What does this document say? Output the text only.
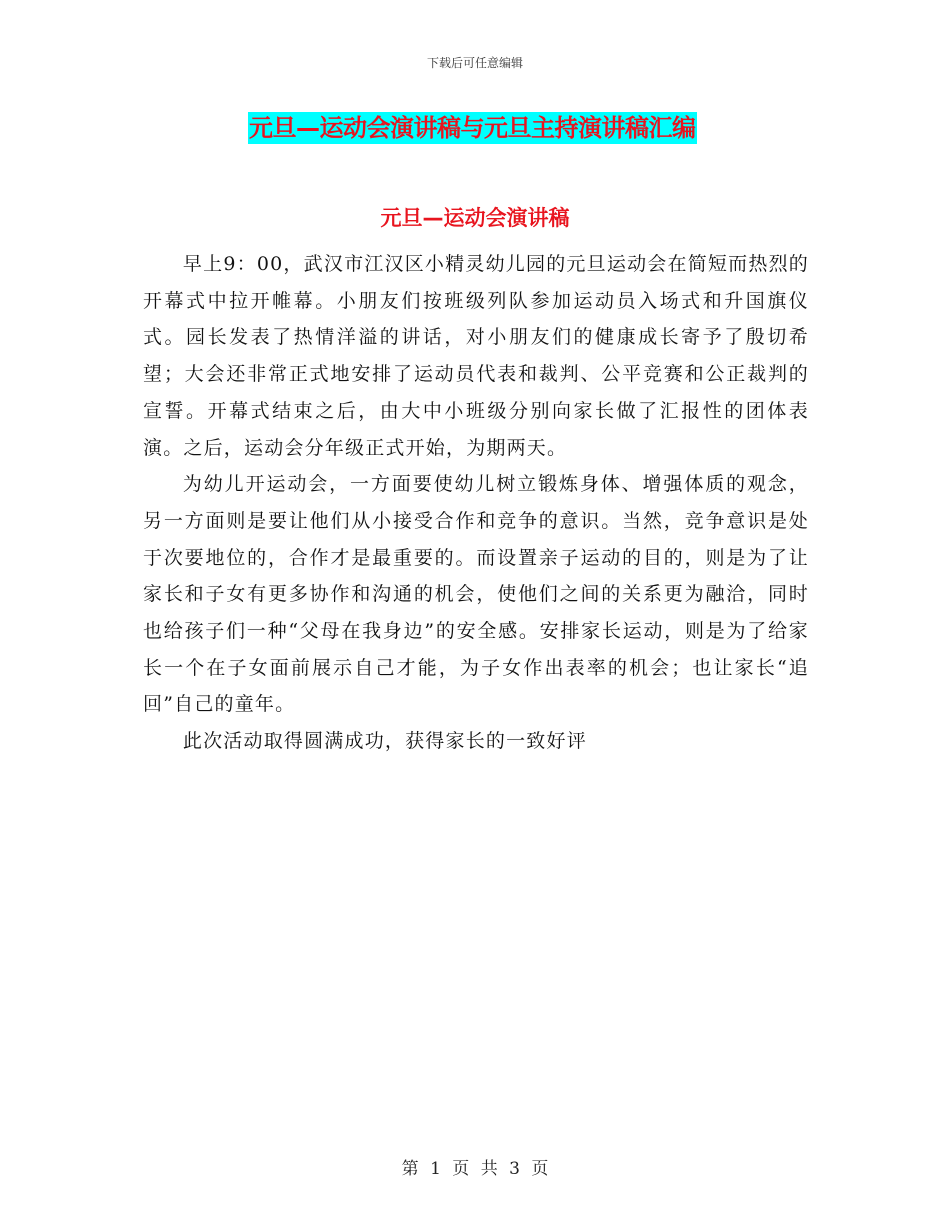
下载后可任意编辑
元旦—运动会演讲稿与元旦主持演讲稿汇编
元旦—运动会演讲稿

早上9：00，武汉市江汉区小精灵幼儿园的元旦运动会在简短而热烈的开幕式中拉开帷幕。小朋友们按班级列队参加运动员入场式和升国旗仪式。园长发表了热情洋溢的讲话，对小朋友们的健康成长寄予了殷切希望；大会还非常正式地安排了运动员代表和裁判、公平竞赛和公正裁判的宣誓。开幕式结束之后，由大中小班级分别向家长做了汇报性的团体表演。之后，运动会分年级正式开始，为期两天。

为幼儿开运动会，一方面要使幼儿树立锻炼身体、增强体质的观念，另一方面则是要让他们从小接受合作和竞争的意识。当然，竞争意识是处于次要地位的，合作才是最重要的。而设置亲子运动的目的，则是为了让家长和子女有更多协作和沟通的机会，使他们之间的关系更为融洽，同时也给孩子们一种“父母在我身边”的安全感。安排家长运动，则是为了给家长一个在子女面前展示自己才能，为子女作出表率的机会；也让家长“追回”自己的童年。

此次活动取得圆满成功，获得家长的一致好评

第 1 页 共 3 页
